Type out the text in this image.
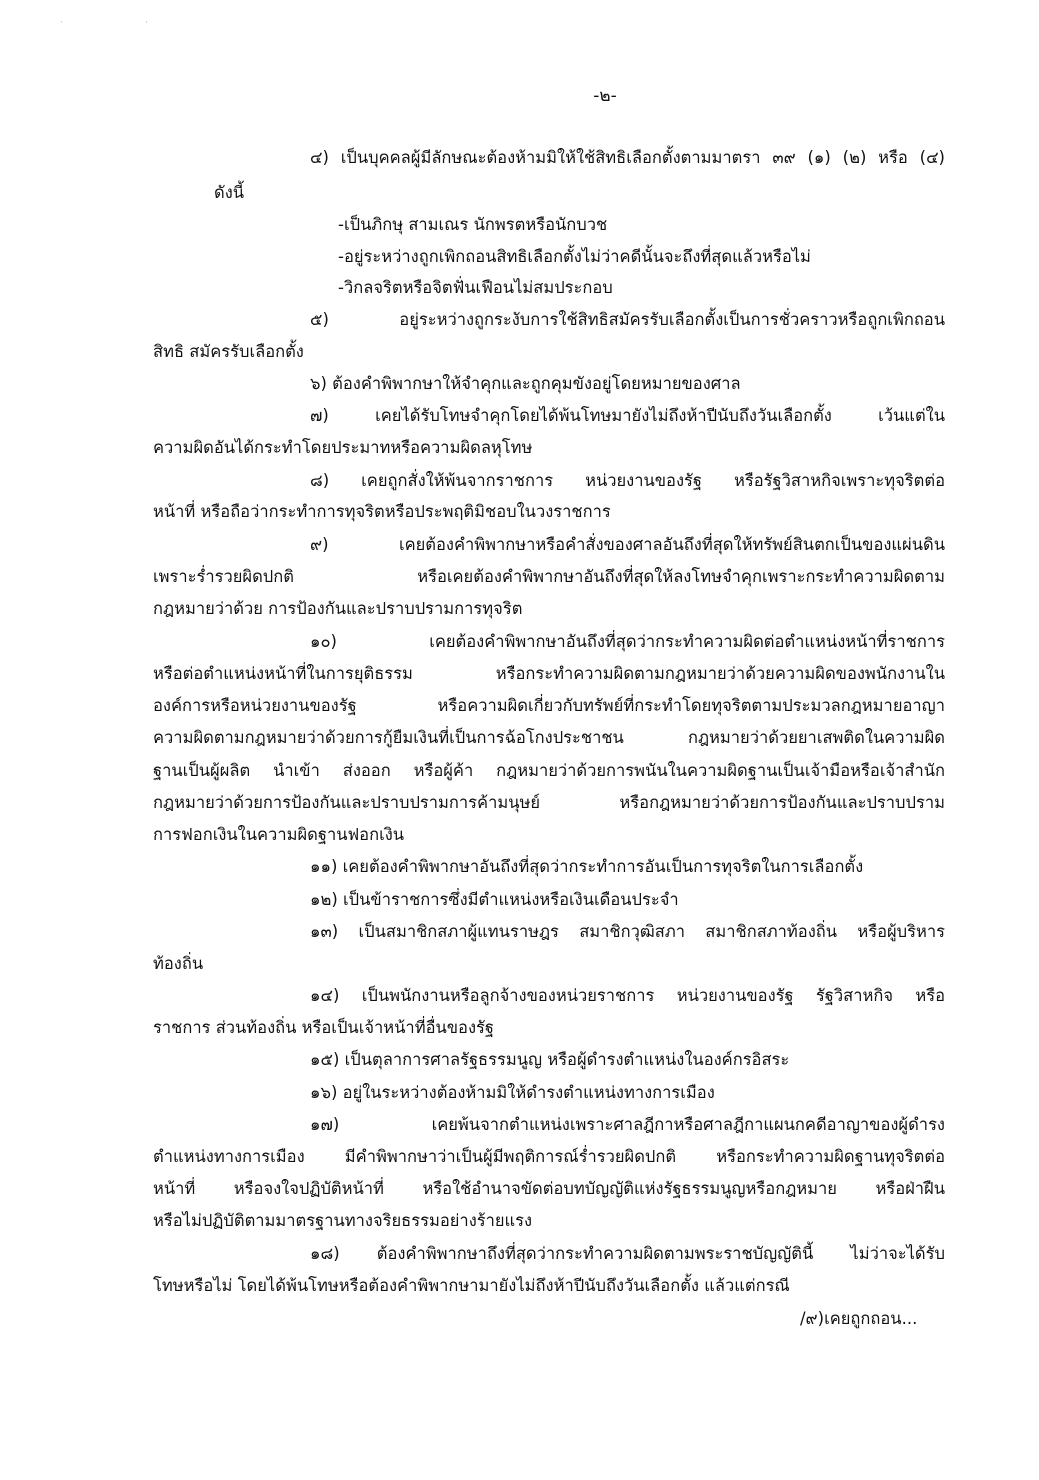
· ·
-๒-
๔) เป็นบุคคลผู้มีลักษณะต้องห้ามมิให้ใช้สิทธิเลือกตั้งตามมาตรา ๓๙ (๑) (๒) หรือ (๔)
ดังนี้
-เป็นภิกษุ สามเณร นักพรตหรือนักบวช
-อยู่ระหว่างถูกเพิกถอนสิทธิเลือกตั้งไม่ว่าคดีนั้นจะถึงที่สุดแล้วหรือไม่
-วิกลจริตหรือจิตฟั่นเฟือนไม่สมประกอบ
๕) อยู่ระหว่างถูกระงับการใช้สิทธิสมัครรับเลือกตั้งเป็นการชั่วคราวหรือถูกเพิกถอน
สิทธิ สมัครรับเลือกตั้ง
๖) ต้องคำพิพากษาให้จำคุกและถูกคุมขังอยู่โดยหมายของศาล
๗) เคยได้รับโทษจำคุกโดยได้พ้นโทษมายังไม่ถึงห้าปีนับถึงวันเลือกตั้ง เว้นแต่ใน
ความผิดอันได้กระทำโดยประมาทหรือความผิดลหุโทษ
๘) เคยถูกสั่งให้พ้นจากราชการ หน่วยงานของรัฐ หรือรัฐวิสาหกิจเพราะทุจริตต่อ
หน้าที่ หรือถือว่ากระทำการทุจริตหรือประพฤติมิชอบในวงราชการ
๙) เคยต้องคำพิพากษาหรือคำสั่งของศาลอันถึงที่สุดให้ทรัพย์สินตกเป็นของแผ่นดิน
เพราะร่ำรวยผิดปกติ หรือเคยต้องคำพิพากษาอันถึงที่สุดให้ลงโทษจำคุกเพราะกระทำความผิดตาม
กฎหมายว่าด้วย การป้องกันและปราบปรามการทุจริต
๑๐) เคยต้องคำพิพากษาอันถึงที่สุดว่ากระทำความผิดต่อตำแหน่งหน้าที่ราชการ
หรือต่อตำแหน่งหน้าที่ในการยุติธรรม หรือกระทำความผิดตามกฎหมายว่าด้วยความผิดของพนักงานใน
องค์การหรือหน่วยงานของรัฐ หรือความผิดเกี่ยวกับทรัพย์ที่กระทำโดยทุจริตตามประมวลกฎหมายอาญา
ความผิดตามกฎหมายว่าด้วยการกู้ยืมเงินที่เป็นการฉ้อโกงประชาชน กฎหมายว่าด้วยยาเสพติดในความผิด
ฐานเป็นผู้ผลิต นำเข้า ส่งออก หรือผู้ค้า กฎหมายว่าด้วยการพนันในความผิดฐานเป็นเจ้ามือหรือเจ้าสำนัก
กฎหมายว่าด้วยการป้องกันและปราบปรามการค้ามนุษย์ หรือกฎหมายว่าด้วยการป้องกันและปราบปราม
การฟอกเงินในความผิดฐานฟอกเงิน
๑๑) เคยต้องคำพิพากษาอันถึงที่สุดว่ากระทำการอันเป็นการทุจริตในการเลือกตั้ง
๑๒) เป็นข้าราชการซึ่งมีตำแหน่งหรือเงินเดือนประจำ
๑๓) เป็นสมาชิกสภาผู้แทนราษฎร สมาชิกวุฒิสภา สมาชิกสภาท้องถิ่น หรือผู้บริหาร
ท้องถิ่น
๑๔) เป็นพนักงานหรือลูกจ้างของหน่วยราชการ หน่วยงานของรัฐ รัฐวิสาหกิจ หรือ
ราชการ ส่วนท้องถิ่น หรือเป็นเจ้าหน้าที่อื่นของรัฐ
๑๕) เป็นตุลาการศาลรัฐธรรมนูญ หรือผู้ดำรงตำแหน่งในองค์กรอิสระ
๑๖) อยู่ในระหว่างต้องห้ามมิให้ดำรงตำแหน่งทางการเมือง
๑๗) เคยพ้นจากตำแหน่งเพราะศาลฎีกาหรือศาลฎีกาแผนกคดีอาญาของผู้ดำรง
ตำแหน่งทางการเมือง มีคำพิพากษาว่าเป็นผู้มีพฤติการณ์ร่ำรวยผิดปกติ หรือกระทำความผิดฐานทุจริตต่อ
หน้าที่ หรือจงใจปฏิบัติหน้าที่ หรือใช้อำนาจขัดต่อบทบัญญัติแห่งรัฐธรรมนูญหรือกฎหมาย หรือฝ่าฝืน
หรือไม่ปฏิบัติตามมาตรฐานทางจริยธรรมอย่างร้ายแรง
๑๘) ต้องคำพิพากษาถึงที่สุดว่ากระทำความผิดตามพระราชบัญญัตินี้ ไม่ว่าจะได้รับ
โทษหรือไม่ โดยได้พ้นโทษหรือต้องคำพิพากษามายังไม่ถึงห้าปีนับถึงวันเลือกตั้ง แล้วแต่กรณี
/๙)เคยถูกถอน...
